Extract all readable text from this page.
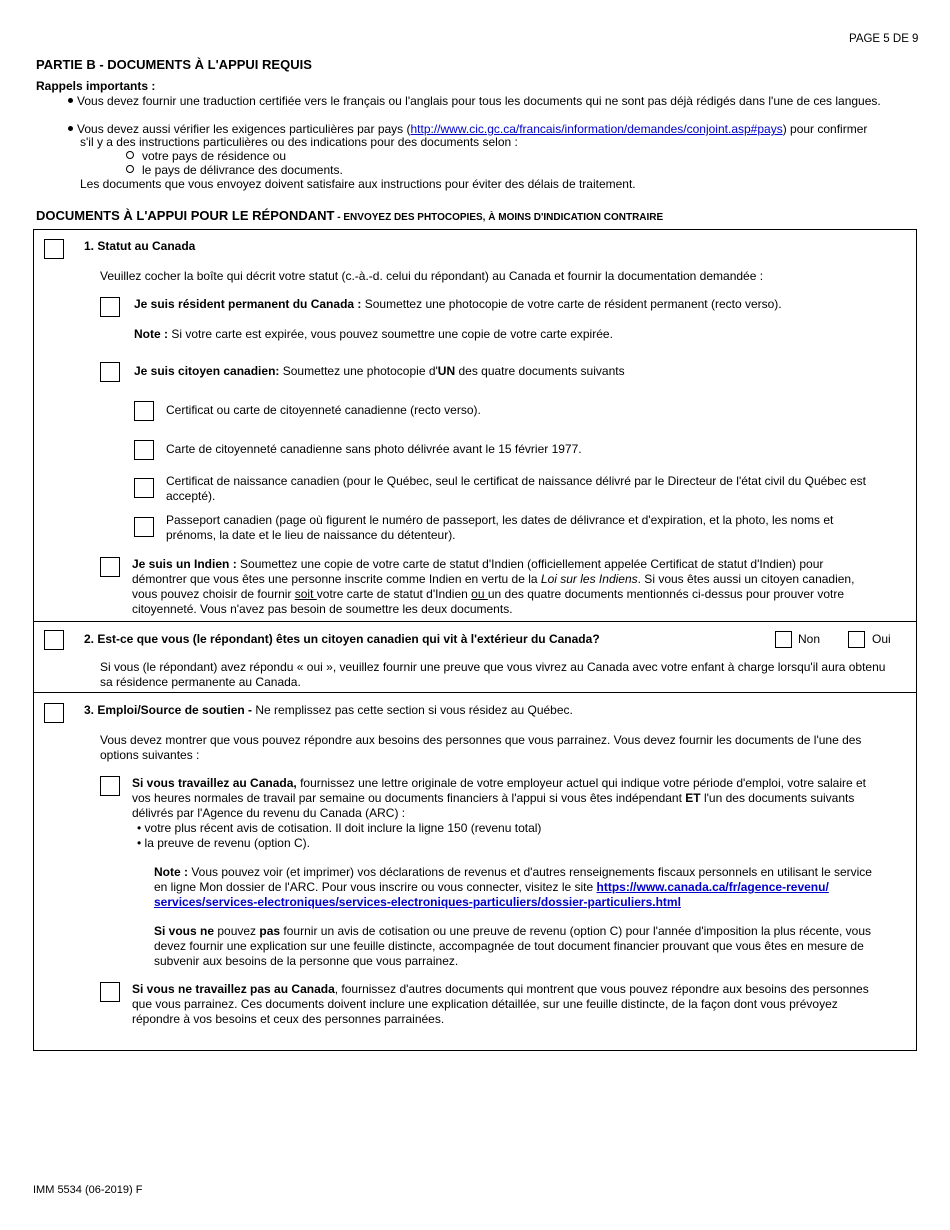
PAGE 5 DE 9
PARTIE B - DOCUMENTS À L'APPUI REQUIS
Rappels importants :
Vous devez fournir une traduction certifiée vers le français ou l'anglais pour tous les documents qui ne sont pas déjà rédigés dans l'une de ces langues.
Vous devez aussi vérifier les exigences particulières par pays (http://www.cic.gc.ca/francais/information/demandes/conjoint.asp#pays) pour confirmer
s'il y a des instructions particulières ou des indications pour des documents selon :
votre pays de résidence ou
le pays de délivrance des documents.
Les documents que vous envoyez doivent satisfaire aux instructions pour éviter des délais de traitement.
DOCUMENTS À L'APPUI POUR LE RÉPONDANT - ENVOYEZ DES PHTOCOPIES, À MOINS D'INDICATION CONTRAIRE
1. Statut au Canada
Veuillez cocher la boîte qui décrit votre statut (c.-à.-d. celui du répondant) au Canada et fournir la documentation demandée :
Je suis résident permanent du Canada : Soumettez une photocopie de votre carte de résident permanent (recto verso).
Note : Si votre carte est expirée, vous pouvez soumettre une copie de votre carte expirée.
Je suis citoyen canadien: Soumettez une photocopie d'UN des quatre documents suivants
Certificat ou carte de citoyenneté canadienne (recto verso).
Carte de citoyenneté canadienne sans photo délivrée avant le 15 février 1977.
Certificat de naissance canadien (pour le Québec, seul le certificat de naissance délivré par le Directeur de l'état civil du Québec est
accepté).
Passeport canadien (page où figurent le numéro de passeport, les dates de délivrance et d'expiration, et la photo, les noms et
prénoms, la date et le lieu de naissance du détenteur).
Je suis un Indien : Soumettez une copie de votre carte de statut d'Indien (officiellement appelée Certificat de statut d'Indien) pour
démontrer que vous êtes une personne inscrite comme Indien en vertu de la Loi sur les Indiens. Si vous êtes aussi un citoyen canadien,
vous pouvez choisir de fournir soit votre carte de statut d'Indien ou un des quatre documents mentionnés ci-dessus pour prouver votre
citoyenneté. Vous n'avez pas besoin de soumettre les deux documents.
2. Est-ce que vous (le répondant) êtes un citoyen canadien qui vit à l'extérieur du Canada?	Non	Oui
Si vous (le répondant) avez répondu « oui », veuillez fournir une preuve que vous vivrez au Canada avec votre enfant à charge lorsqu'il aura obtenu
sa résidence permanente au Canada.
3. Emploi/Source de soutien - Ne remplissez pas cette section si vous résidez au Québec.
Vous devez montrer que vous pouvez répondre aux besoins des personnes que vous parrainez. Vous devez fournir les documents de l'une des
options suivantes :
Si vous travaillez au Canada, fournissez une lettre originale de votre employeur actuel qui indique votre période d'emploi, votre salaire et
vos heures normales de travail par semaine ou documents financiers à l'appui si vous êtes indépendant ET l'un des documents suivants
délivrés par l'Agence du revenu du Canada (ARC) :
• votre plus récent avis de cotisation. Il doit inclure la ligne 150 (revenu total)
• la preuve de revenu (option C).
Note : Vous pouvez voir (et imprimer) vos déclarations de revenus et d'autres renseignements fiscaux personnels en utilisant le service
en ligne Mon dossier de l'ARC. Pour vous inscrire ou vous connecter, visitez le site https://www.canada.ca/fr/agence-revenu/
services/services-electroniques/services-electroniques-particuliers/dossier-particuliers.html
Si vous ne pouvez pas fournir un avis de cotisation ou une preuve de revenu (option C) pour l'année d'imposition la plus récente, vous
devez fournir une explication sur une feuille distincte, accompagnée de tout document financier prouvant que vous êtes en mesure de
subvenir aux besoins de la personne que vous parrainez.
Si vous ne travaillez pas au Canada, fournissez d'autres documents qui montrent que vous pouvez répondre aux besoins des personnes
que vous parrainez. Ces documents doivent inclure une explication détaillée, sur une feuille distincte, de la façon dont vous prévoyez
répondre à vos besoins et ceux des personnes parrainées.
IMM 5534 (06-2019) F
